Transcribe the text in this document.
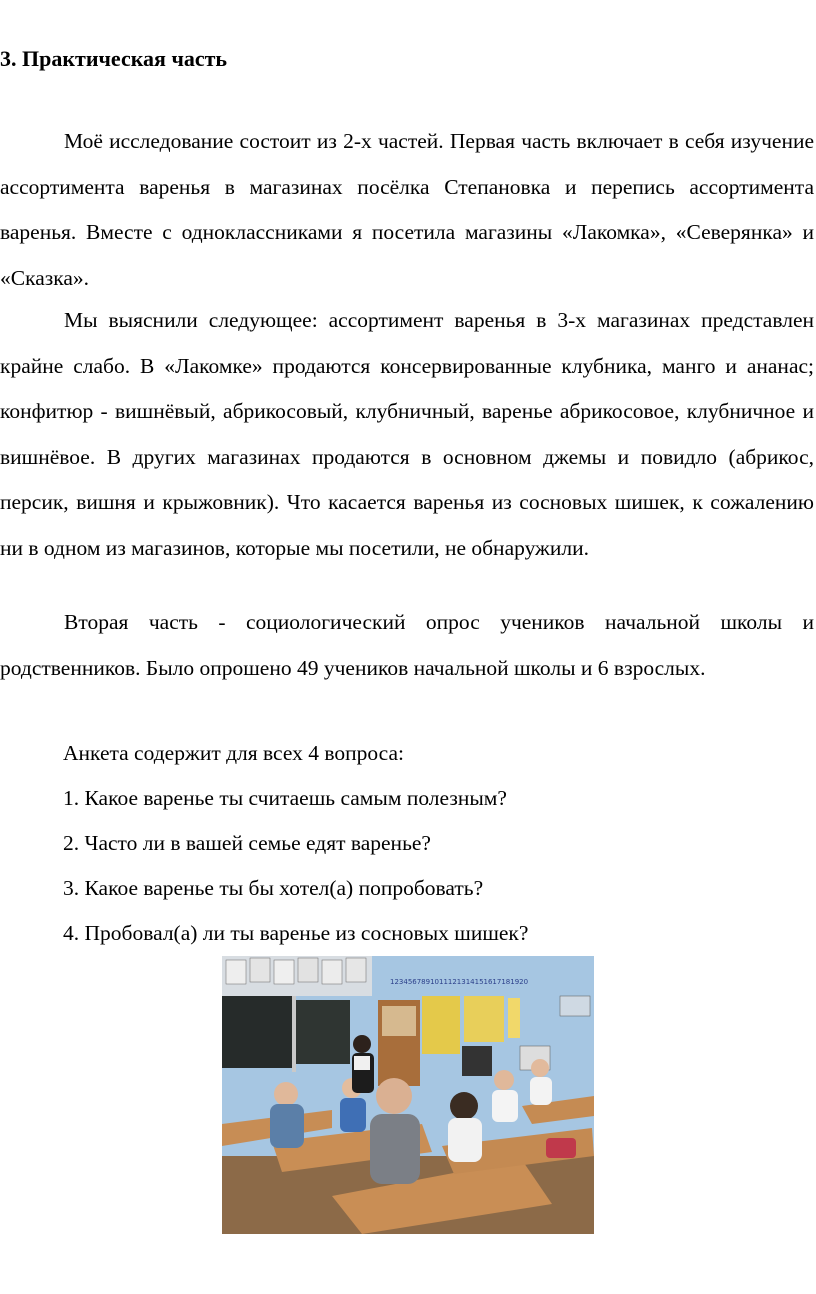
3. Практическая часть

Моё исследование состоит из 2-х частей. Первая часть включает в себя изучение ассортимента варенья в магазинах посёлка Степановка и перепись ассортимента варенья. Вместе с одноклассниками я посетила магазины «Лакомка», «Северянка» и «Сказка».

Мы выяснили следующее: ассортимент варенья в 3-х магазинах представлен крайне слабо. В «Лакомке» продаются консервированные клубника, манго и ананас; конфитюр - вишнёвый, абрикосовый, клубничный, варенье абрикосовое, клубничное и вишнёвое. В других магазинах продаются в основном джемы и повидло (абрикос, персик, вишня и крыжовник). Что касается варенья из сосновых шишек, к сожалению ни в одном из магазинов, которые мы посетили, не обнаружили.

Вторая часть - социологический опрос учеников начальной школы и родственников. Было опрошено 49 учеников начальной школы и 6 взрослых.

Анкета содержит для всех 4 вопроса:
1. Какое варенье ты считаешь самым полезным?
2. Часто ли в вашей семье едят варенье?
3. Какое варенье ты бы хотел(а) попробовать?
4. Пробовал(а) ли ты варенье из сосновых шишек?
1234567891011121314151617181920
